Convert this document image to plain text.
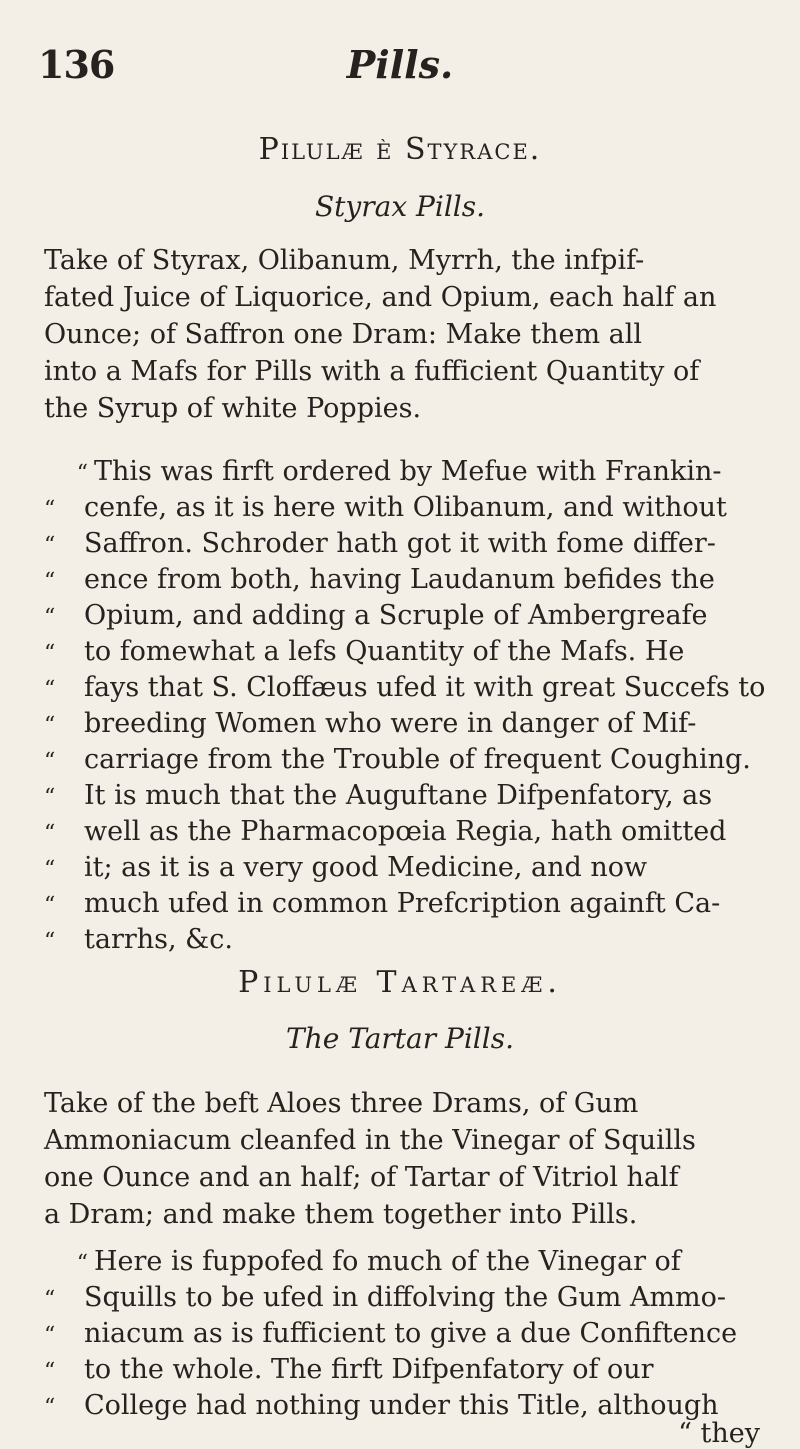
Pills.
136
Pilulæ è Styrace.
Styrax Pills.
Take of Styrax, Olibanum, Myrrh, the infpif-
fated Juice of Liquorice, and Opium, each half an
Ounce; of Saffron one Dram: Make them all
into a Mafs for Pills with a fufficient Quantity of
the Syrup of white Poppies.
“ This was firft ordered by Mefue with Frankin-
“ cenfe, as it is here with Olibanum, and without
“ Saffron. Schroder hath got it with fome differ-
“ ence from both, having Laudanum befides the
“ Opium, and adding a Scruple of Ambergreafe
“ to fomewhat a lefs Quantity of the Mafs. He
“ fays that S. Cloffæus ufed it with great Succefs to
“ breeding Women who were in danger of Mif-
“ carriage from the Trouble of frequent Coughing.
“ It is much that the Auguftane Difpenfatory, as
“ well as the Pharmacopœia Regia, hath omitted
“ it; as it is a very good Medicine, and now
“ much ufed in common Prefcription againft Ca-
“ tarrhs, &c.
Pilulæ Tartareæ.
The Tartar Pills.
Take of the beft Aloes three Drams, of Gum
Ammoniacum cleanfed in the Vinegar of Squills
one Ounce and an half; of Tartar of Vitriol half
a Dram; and make them together into Pills.
“ Here is fuppofed fo much of the Vinegar of
“ Squills to be ufed in diffolving the Gum Ammo-
“ niacum as is fufficient to give a due Confiftence
“ to the whole. The firft Difpenfatory of our
“ College had nothing under this Title, although
“ they
